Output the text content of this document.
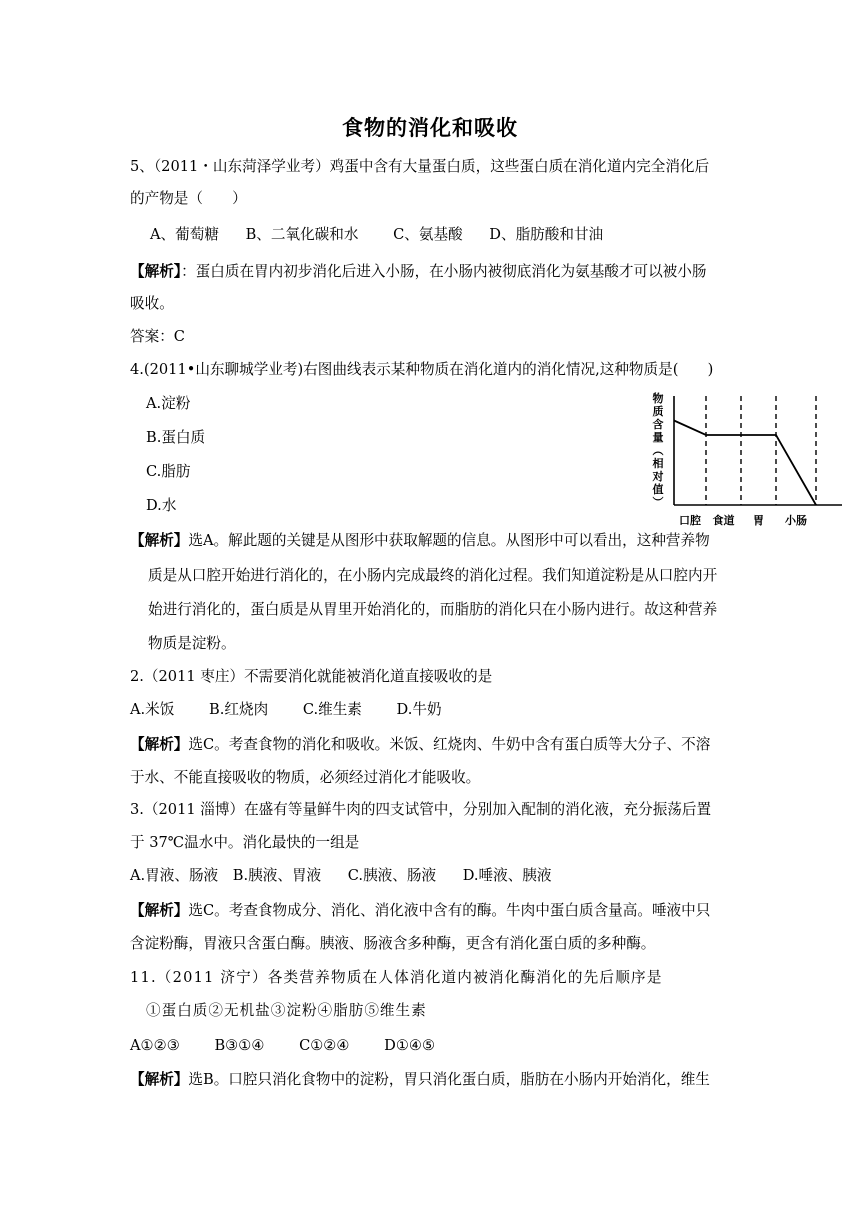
食物的消化和吸收
5、（2011・山东菏泽学业考）鸡蛋中含有大量蛋白质，这些蛋白质在消化道内完全消化后
的产物是（　　）
A、葡萄糖 B、二氧化碳和水 C、氨基酸 D、脂肪酸和甘油
【解析】：蛋白质在胃内初步消化后进入小肠，在小肠内被彻底消化为氨基酸才可以被小肠
吸收。
答案：C
4.(2011•山东聊城学业考)右图曲线表示某种物质在消化道内的消化情况,这种物质是(　　)
A.淀粉
B.蛋白质
C.脂肪
D.水
物
质
含
量
︵
相
对
值
︶
口腔 食道 胃 小肠
【解析】选A。解此题的关键是从图形中获取解题的信息。从图形中可以看出，这种营养物
质是从口腔开始进行消化的，在小肠内完成最终的消化过程。我们知道淀粉是从口腔内开
始进行消化的，蛋白质是从胃里开始消化的，而脂肪的消化只在小肠内进行。故这种营养
物质是淀粉。
2.（2011 枣庄）不需要消化就能被消化道直接吸收的是
A.米饭 B.红烧肉 C.维生素 D.牛奶
【解析】选C。考查食物的消化和吸收。米饭、红烧肉、牛奶中含有蛋白质等大分子、不溶
于水、不能直接吸收的物质，必须经过消化才能吸收。
3.（2011 淄博）在盛有等量鲜牛肉的四支试管中，分别加入配制的消化液，充分振荡后置
于 37℃温水中。消化最快的一组是
A.胃液、肠液 B.胰液、胃液 C.胰液、肠液 D.唾液、胰液
【解析】选C。考查食物成分、消化、消化液中含有的酶。牛肉中蛋白质含量高。唾液中只
含淀粉酶，胃液只含蛋白酶。胰液、肠液含多种酶，更含有消化蛋白质的多种酶。
11.（2011 济宁）各类营养物质在人体消化道内被消化酶消化的先后顺序是
①蛋白质②无机盐③淀粉④脂肪⑤维生素
A①②③ B③①④ C①②④ D①④⑤
【解析】选B。口腔只消化食物中的淀粉，胃只消化蛋白质，脂肪在小肠内开始消化，维生
